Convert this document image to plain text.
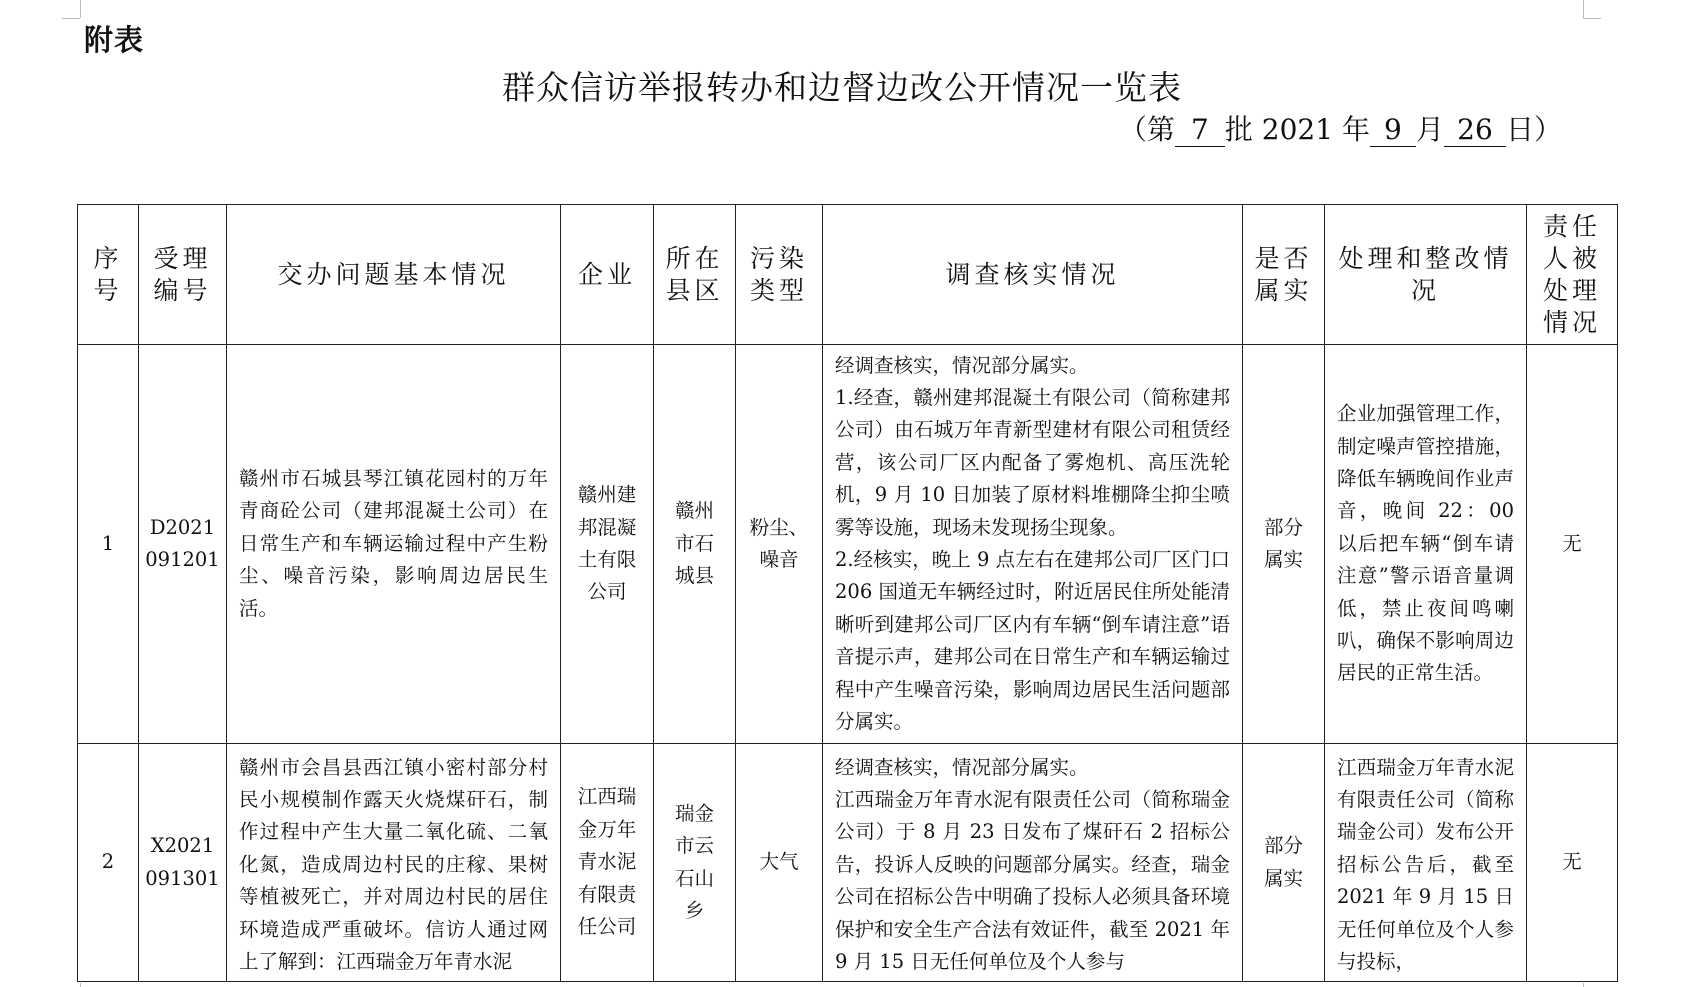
附表
群众信访举报转办和边督边改公开情况一览表
（第 7 批 2021 年 9 月 26 日）
序号	受理编号	交办问题基本情况	企业	所在县区	污染类型	调查核实情况	是否属实	处理和整改情况	责任人被处理情况
1	D2021091201	赣州市石城县琴江镇花园村的万年青商砼公司（建邦混凝土公司）在日常生产和车辆运输过程中产生粉尘、噪音污染，影响周边居民生活。	赣州建邦混凝土有限公司	赣州市石城县	粉尘、噪音	经调查核实，情况部分属实。
1.经查，赣州建邦混凝土有限公司（简称建邦公司）由石城万年青新型建材有限公司租赁经营，该公司厂区内配备了雾炮机、高压洗轮机，9 月 10 日加装了原材料堆棚降尘抑尘喷雾等设施，现场未发现扬尘现象。
2.经核实，晚上 9 点左右在建邦公司厂区门口 206 国道无车辆经过时，附近居民住所处能清晰听到建邦公司厂区内有车辆“倒车请注意”语音提示声，建邦公司在日常生产和车辆运输过程中产生噪音污染，影响周边居民生活问题部分属实。	部分属实	企业加强管理工作，制定噪声管控措施，降低车辆晚间作业声音，晚间 22：00 以后把车辆“倒车请注意”警示语音量调低，禁止夜间鸣喇叭，确保不影响周边居民的正常生活。	无
2	X2021091301	赣州市会昌县西江镇小密村部分村民小规模制作露天火烧煤矸石，制作过程中产生大量二氧化硫、二氧化氮，造成周边村民的庄稼、果树等植被死亡，并对周边村民的居住环境造成严重破坏。信访人通过网上了解到：江西瑞金万年青水泥	江西瑞金万年青水泥有限责任公司	瑞金市云石山乡	大气	经调查核实，情况部分属实。
江西瑞金万年青水泥有限责任公司（简称瑞金公司）于 8 月 23 日发布了煤矸石 2 招标公告，投诉人反映的问题部分属实。经查，瑞金公司在招标公告中明确了投标人必须具备环境保护和安全生产合法有效证件，截至 2021 年 9 月 15 日无任何单位及个人参与	部分属实	江西瑞金万年青水泥有限责任公司（简称瑞金公司）发布公开招标公告后，截至 2021 年 9 月 15 日无任何单位及个人参与投标，	无
